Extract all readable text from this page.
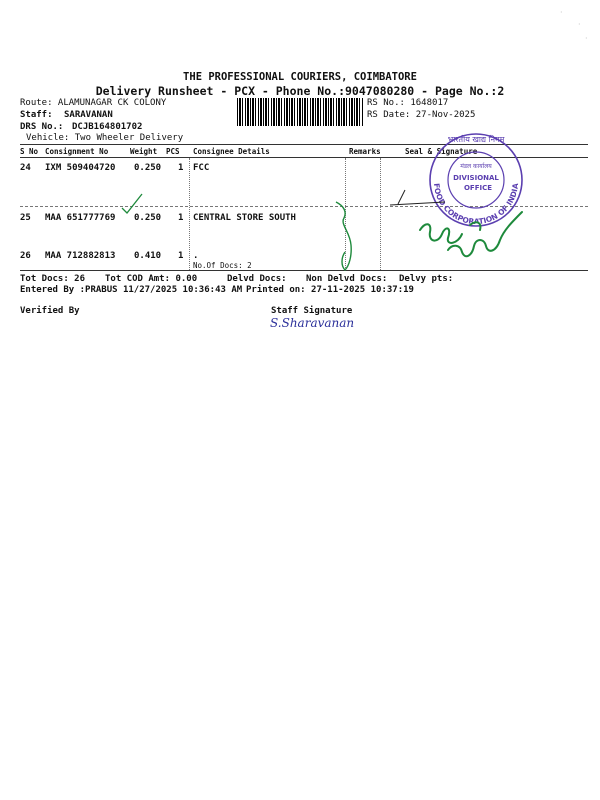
THE PROFESSIONAL COURIERS, COIMBATORE
Delivery Runsheet - PCX - Phone No.:9047080280 - Page No.:2
Route: ALAMUNAGAR CK COLONY
Staff: SARAVANAN
DRS No.: DCJB164801702
Vehicle: Two Wheeler Delivery
RS No.: 1648017
RS Date: 27-Nov-2025
S No Consignment No	Weight PCS Consignee Details	Remarks	Seal & Signature
24 IXM 509404720 0.250 1 FCC
25 MAA 651777769 0.250 1 CENTRAL STORE SOUTH
26 MAA 712882813 0.410 1 .
No.Of Docs: 2
Tot Docs: 26 Tot COD Amt: 0.00	Delvd Docs: Non Delvd Docs: Delvy pts:
Entered By :PRABUS 11/27/2025 10:36:43 AM Printed on: 27-11-2025 10:37:19
Verified By	Staff Signature
S.Sharavanan
भारतीय खाद्य निगम
मंडल कार्यालय
DIVISIONAL
OFFICE
FOOD CORPORATION OF INDIA
·
·
·
